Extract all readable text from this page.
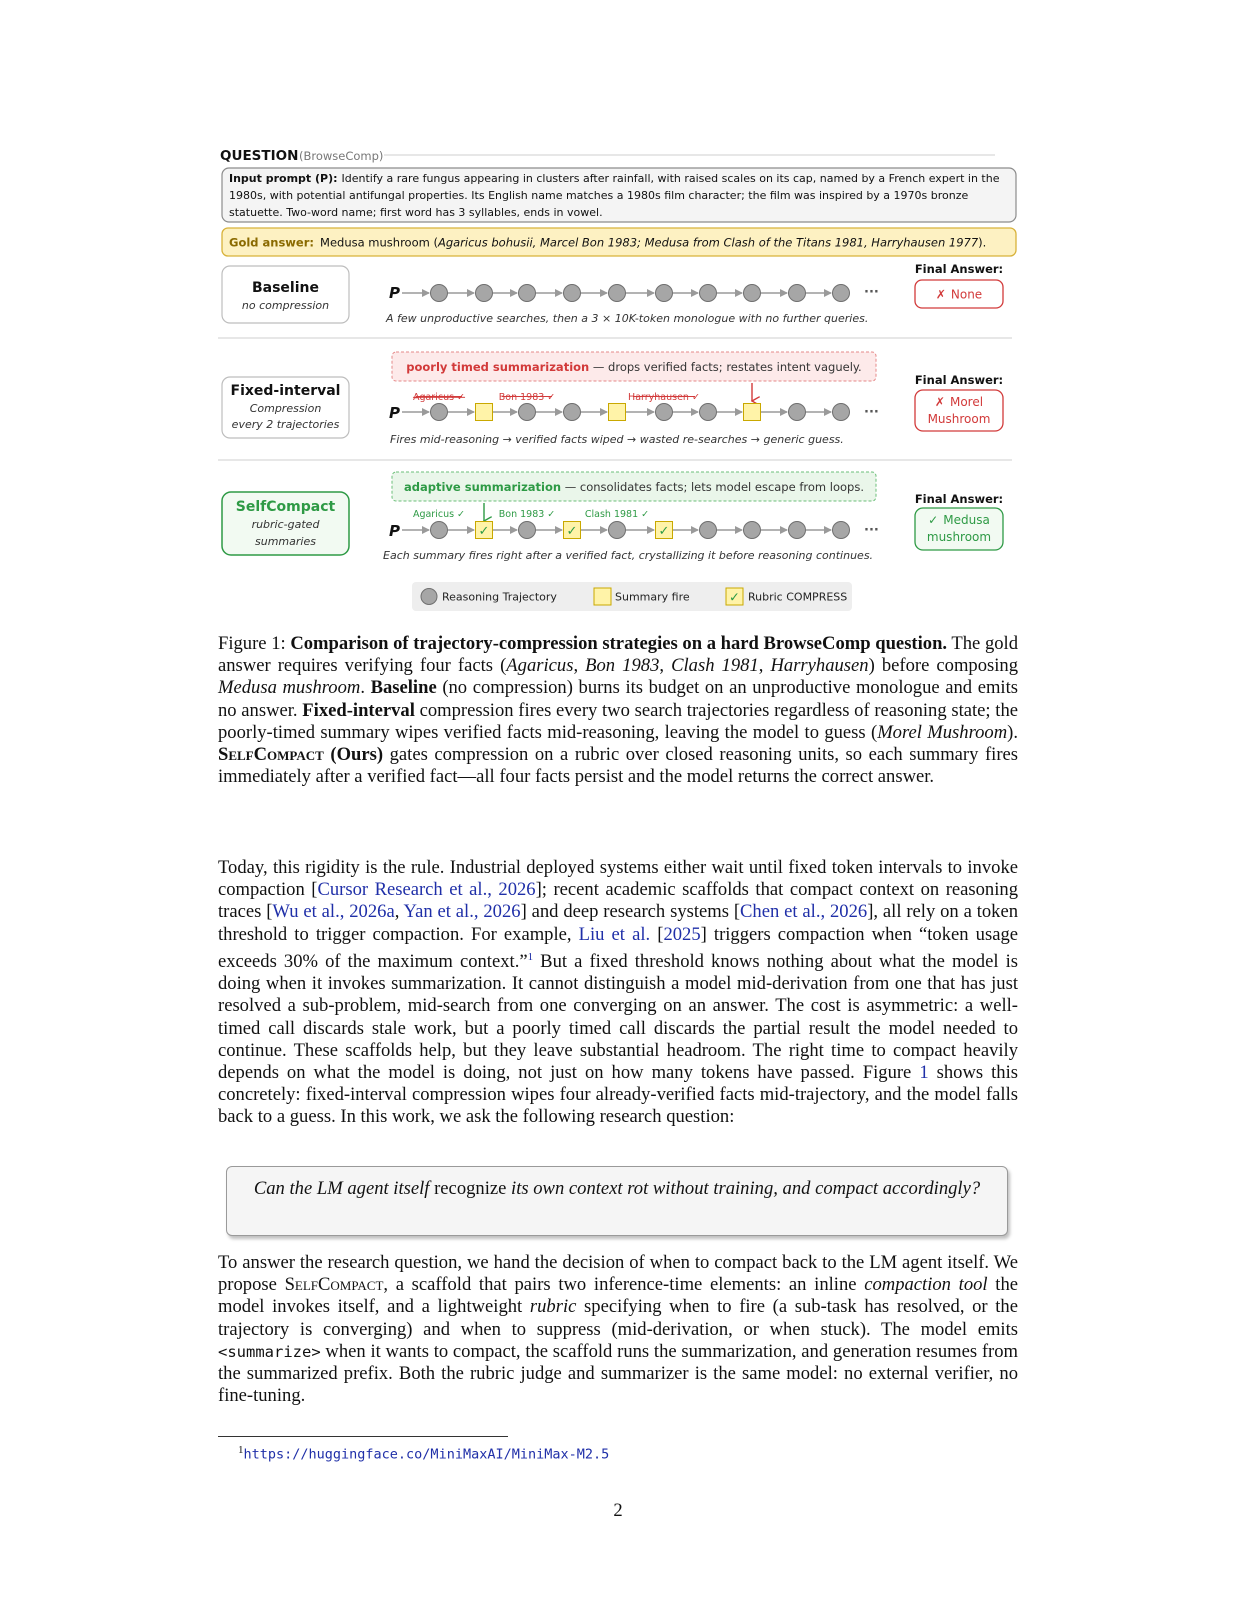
QUESTION (BrowseComp)
Input prompt (P): Identify a rare fungus appearing in clusters after rainfall, with raised scales on its cap, named by a French expert in the
1980s, with potential antifungal properties. Its English name matches a 1980s film character; the film was inspired by a 1970s bronze
statuette. Two-word name; first word has 3 syllables, ends in vowel.
Gold answer: Medusa mushroom (Agaricus bohusii, Marcel Bon 1983; Medusa from Clash of the Titans 1981, Harryhausen 1977).
Baseline
no compression
P	···
A few unproductive searches, then a 3 × 10K-token monologue with no further queries.
Final Answer:
✗ None
poorly timed summarization — drops verified facts; restates intent vaguely.
Fixed-interval
Compression
every 2 trajectories
Agaricus ✓	Bon 1983 ✓	Harryhausen ✓
P	···
Fires mid-reasoning → verified facts wiped → wasted re-searches → generic guess.
Final Answer:
✗ Morel
Mushroom
adaptive summarization — consolidates facts; lets model escape from loops.
SelfCompact
rubric-gated
summaries
Agaricus ✓	Bon 1983 ✓	Clash 1981 ✓
P	✓	✓	✓	···
Each summary fires right after a verified fact, crystallizing it before reasoning continues.
Final Answer:
✓ Medusa
mushroom
Reasoning Trajectory	Summary fire	✓ Rubric COMPRESS
Figure 1: Comparison of trajectory-compression strategies on a hard BrowseComp question. The gold answer requires verifying four facts (Agaricus, Bon 1983, Clash 1981, Harryhausen) before composing Medusa mushroom. Baseline (no compression) burns its budget on an unproductive monologue and emits no answer. Fixed-interval compression fires every two search trajectories regardless of reasoning state; the poorly-timed summary wipes verified facts mid-reasoning, leaving the model to guess (Morel Mushroom). SelfCompact (Ours) gates compression on a rubric over closed reasoning units, so each summary fires immediately after a verified fact—all four facts persist and the model returns the correct answer.
Today, this rigidity is the rule. Industrial deployed systems either wait until fixed token intervals to invoke compaction [Cursor Research et al., 2026]; recent academic scaffolds that compact context on reasoning traces [Wu et al., 2026a, Yan et al., 2026] and deep research systems [Chen et al., 2026], all rely on a token threshold to trigger compaction. For example, Liu et al. [2025] triggers compaction when “token usage exceeds 30% of the maximum context.”$^1$ But a fixed threshold knows nothing about what the model is doing when it invokes summarization. It cannot distinguish a model mid-derivation from one that has just resolved a sub-problem, mid-search from one converging on an answer. The cost is asymmetric: a well-timed call discards stale work, but a poorly timed call discards the partial result the model needed to continue. These scaffolds help, but they leave substantial headroom. The right time to compact heavily depends on what the model is doing, not just on how many tokens have passed. Figure 1 shows this concretely: fixed-interval compression wipes four already-verified facts mid-trajectory, and the model falls back to a guess. In this work, we ask the following research question:
Can the LM agent itself recognize its own context rot without training, and compact accordingly?
To answer the research question, we hand the decision of when to compact back to the LM agent itself. We propose SelfCompact, a scaffold that pairs two inference-time elements: an inline compaction tool the model invokes itself, and a lightweight rubric specifying when to fire (a sub-task has resolved, or the trajectory is converging) and when to suppress (mid-derivation, or when stuck). The model emits <summarize> when it wants to compact, the scaffold runs the summarization, and generation resumes from the summarized prefix. Both the rubric judge and summarizer is the same model: no external verifier, no fine-tuning.
$^1$https://huggingface.co/MiniMaxAI/MiniMax-M2.5
2
